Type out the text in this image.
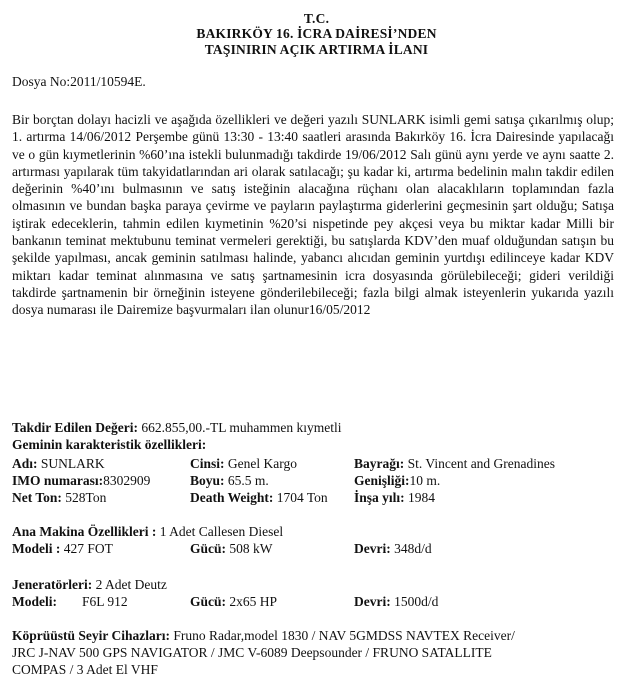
T.C.
BAKIRKÖY 16. İCRA DAİRESİ’NDEN
TAŞINIRIN AÇIK ARTIRMA İLANI
Dosya No:2011/10594E.

Bir borçtan dolayı hacizli ve aşağıda özellikleri ve değeri yazılı SUNLARK isimli gemi satışa çıkarılmış olup; 1. artırma 14/06/2012 Perşembe günü 13:30 - 13:40 saatleri arasında Bakırköy 16. İcra Dairesinde yapılacağı ve o gün kıymetlerinin %60’ına istekli bulunmadığı takdirde 19/06/2012 Salı günü aynı yerde ve aynı saatte 2. artırması yapılarak tüm takyidatlarından ari olarak satılacağı; şu kadar ki, artırma bedelinin malın takdir edilen değerinin %40’ını bulmasının ve satış isteğinin alacağına rüçhanı olan alacaklıların toplamından fazla olmasının ve bundan başka paraya çevirme ve payların paylaştırma giderlerini geçmesinin şart olduğu; Satışa iştirak edeceklerin, tahmin edilen kıymetinin %20’si nispetinde pey akçesi veya bu miktar kadar Milli bir bankanın teminat mektubunu teminat vermeleri gerektiği, bu satışlarda KDV’den muaf olduğundan satışın bu şekilde yapılması, ancak geminin satılması halinde, yabancı alıcıdan geminin yurtdışı edilinceye kadar KDV miktarı kadar teminat alınmasına ve satış şartnamesinin icra dosyasında görülebileceği; gideri verildiği takdirde şartnamenin bir örneğinin isteyene gönderilebileceği; fazla bilgi almak isteyenlerin yukarıda yazılı dosya numarası ile Dairemize başvurmaları ilan olunur16/05/2012

Takdir Edilen Değeri: 662.855,00.-TL muhammen kıymetli
Geminin karakteristik özellikleri:
Adı: SUNLARK	Cinsi: Genel Kargo	Bayrağı: St. Vincent and Grenadines
IMO numarası:8302909	Boyu: 65.5 m.	Genişliği:10 m.
Net Ton: 528Ton	Death Weight: 1704 Ton İnşa yılı: 1984
Ana Makina Özellikleri : 1 Adet Callesen Diesel
Modeli : 427 FOT	Gücü: 508 kW	Devri: 348d/d
Jeneratörleri: 2 Adet Deutz
Modeli: F6L 912	Gücü: 2x65 HP	Devri: 1500d/d
Köprüüstü Seyir Cihazları: Fruno Radar,model 1830 / NAV 5GMDSS NAVTEX Receiver/
JRC J-NAV 500 GPS NAVIGATOR / JMC V-6089 Deepsounder / FRUNO SATALLITE
COMPAS / 3 Adet El VHF
